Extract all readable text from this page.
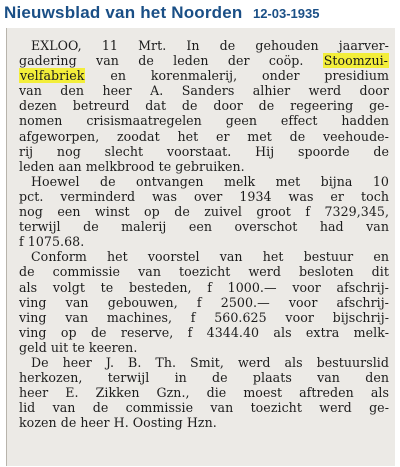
Nieuwsblad van het Noorden 12-03-1935
EXLOO, 11 Mrt. In de gehouden jaarver-
gadering van de leden der coöp. Stoomzui-
velfabriek en korenmalerij, onder presidium
van den heer A. Sanders alhier werd door
dezen betreurd dat de door de regeering ge-
nomen crisismaatregelen geen effect hadden
afgeworpen, zoodat het er met de veehoude-
rij nog slecht voorstaat. Hij spoorde de
leden aan melkbrood te gebruiken.
Hoewel de ontvangen melk met bijna 10
pct. verminderd was over 1934 was er toch
nog een winst op de zuivel groot f 7329,345,
terwijl de malerij een overschot had van
f 1075.68.
Conform het voorstel van het bestuur en
de commissie van toezicht werd besloten dit
als volgt te besteden, f 1000.— voor afschrij-
ving van gebouwen, f 2500.— voor afschrij-
ving van machines, f 560.625 voor bijschrij-
ving op de reserve, f 4344.40 als extra melk-
geld uit te keeren.
De heer J. B. Th. Smit, werd als bestuurslid
herkozen, terwijl in de plaats van den
heer E. Zikken Gzn., die moest aftreden als
lid van de commissie van toezicht werd ge-
kozen de heer H. Oosting Hzn.
